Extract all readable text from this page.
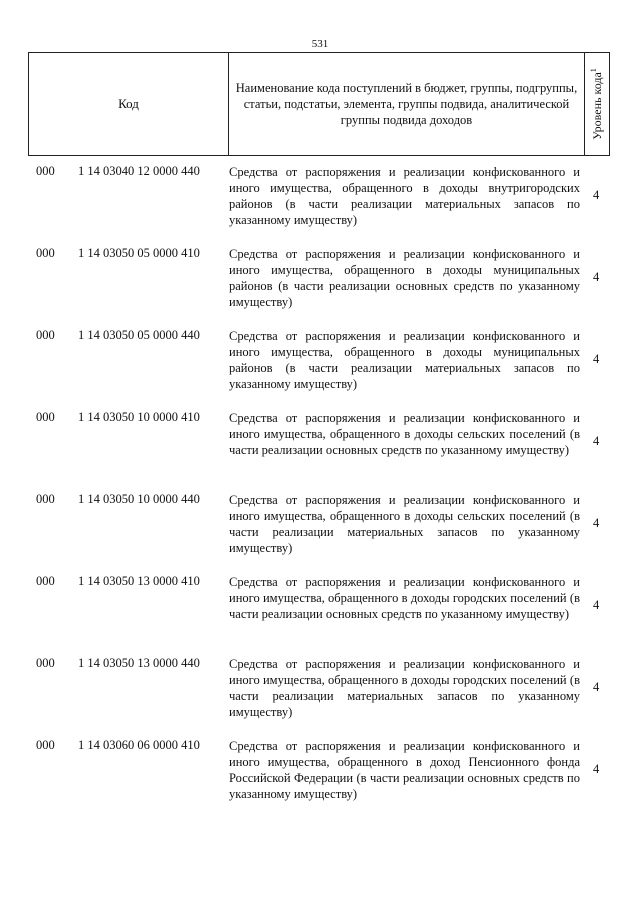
531
Код
Наименование кода поступлений в бюджет, группы, подгруппы, статьи, подстатьи, элемента, группы подвида, аналитической группы подвида доходов	Уровень кода$^1$
000 1 14 03040 12 0000 440 Средства от распоряжения и реализации конфискованного и иного имущества, обращенного в доходы внутригородских районов (в части реализации материальных запасов по указанному имуществу)
4
000 1 14 03050 05 0000 410 Средства от распоряжения и реализации конфискованного и иного имущества, обращенного в доходы муниципальных районов (в части реализации основных средств по указанному имуществу)
4
000 1 14 03050 05 0000 440 Средства от распоряжения и реализации конфискованного и иного имущества, обращенного в доходы муниципальных районов (в части реализации материальных запасов по указанному имуществу)
4
000 1 14 03050 10 0000 410 Средства от распоряжения и реализации конфискованного и иного имущества, обращенного в доходы сельских поселений (в части реализации основных средств по указанному имуществу)
4
000 1 14 03050 10 0000 440 Средства от распоряжения и реализации конфискованного и иного имущества, обращенного в доходы сельских поселений (в части реализации материальных запасов по указанному имуществу)
4
000 1 14 03050 13 0000 410 Средства от распоряжения и реализации конфискованного и иного имущества, обращенного в доходы городских поселений (в части реализации основных средств по указанному имуществу)
4
000 1 14 03050 13 0000 440 Средства от распоряжения и реализации конфискованного и иного имущества, обращенного в доходы городских поселений (в части реализации материальных запасов по указанному имуществу)
4
000 1 14 03060 06 0000 410 Средства от распоряжения и реализации конфискованного и иного имущества, обращенного в доход Пенсионного фонда Российской Федерации (в части реализации основных средств по указанному имуществу)
4
